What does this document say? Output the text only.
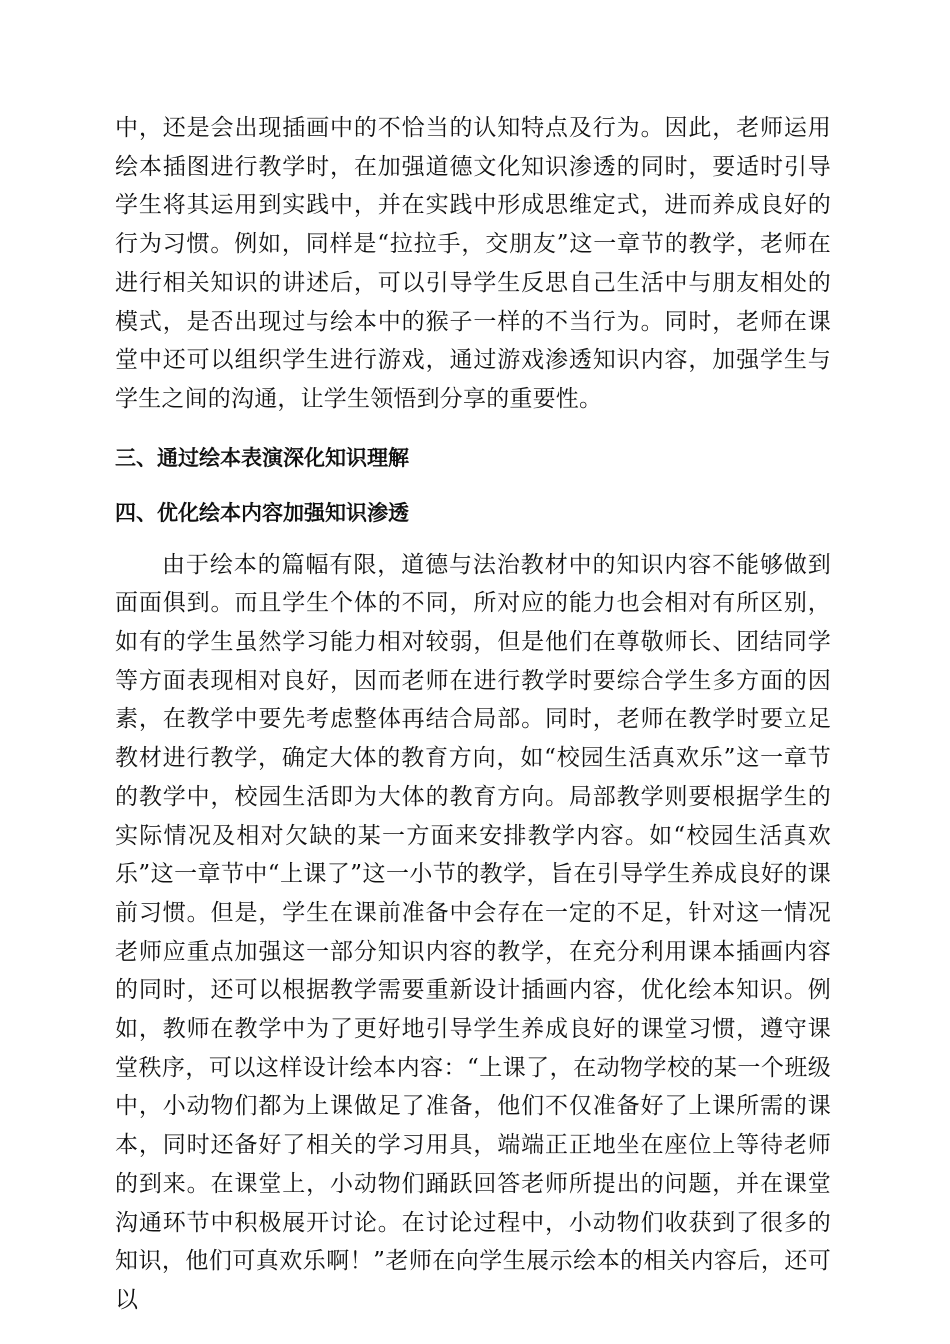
中，还是会出现插画中的不恰当的认知特点及行为。因此，老师运用绘本插图进行教学时，在加强道德文化知识渗透的同时，要适时引导学生将其运用到实践中，并在实践中形成思维定式，进而养成良好的行为习惯。例如，同样是“拉拉手，交朋友”这一章节的教学，老师在进行相关知识的讲述后，可以引导学生反思自己生活中与朋友相处的模式，是否出现过与绘本中的猴子一样的不当行为。同时，老师在课堂中还可以组织学生进行游戏，通过游戏渗透知识内容，加强学生与学生之间的沟通，让学生领悟到分享的重要性。

三、通过绘本表演深化知识理解
四、优化绘本内容加强知识渗透

由于绘本的篇幅有限，道德与法治教材中的知识内容不能够做到面面俱到。而且学生个体的不同，所对应的能力也会相对有所区别，如有的学生虽然学习能力相对较弱，但是他们在尊敬师长、团结同学等方面表现相对良好，因而老师在进行教学时要综合学生多方面的因素，在教学中要先考虑整体再结合局部。同时，老师在教学时要立足教材进行教学，确定大体的教育方向，如“校园生活真欢乐”这一章节的教学中，校园生活即为大体的教育方向。局部教学则要根据学生的实际情况及相对欠缺的某一方面来安排教学内容。如“校园生活真欢乐”这一章节中“上课了”这一小节的教学，旨在引导学生养成良好的课前习惯。但是，学生在课前准备中会存在一定的不足，针对这一情况老师应重点加强这一部分知识内容的教学，在充分利用课本插画内容的同时，还可以根据教学需要重新设计插画内容，优化绘本知识。例如，教师在教学中为了更好地引导学生养成良好的课堂习惯，遵守课堂秩序，可以这样设计绘本内容：“上课了，在动物学校的某一个班级中，小动物们都为上课做足了准备，他们不仅准备好了上课所需的课本，同时还备好了相关的学习用具，端端正正地坐在座位上等待老师的到来。在课堂上，小动物们踊跃回答老师所提出的问题，并在课堂沟通环节中积极展开讨论。在讨论过程中，小动物们收获到了很多的知识，他们可真欢乐啊！”老师在向学生展示绘本的相关内容后，还可以
